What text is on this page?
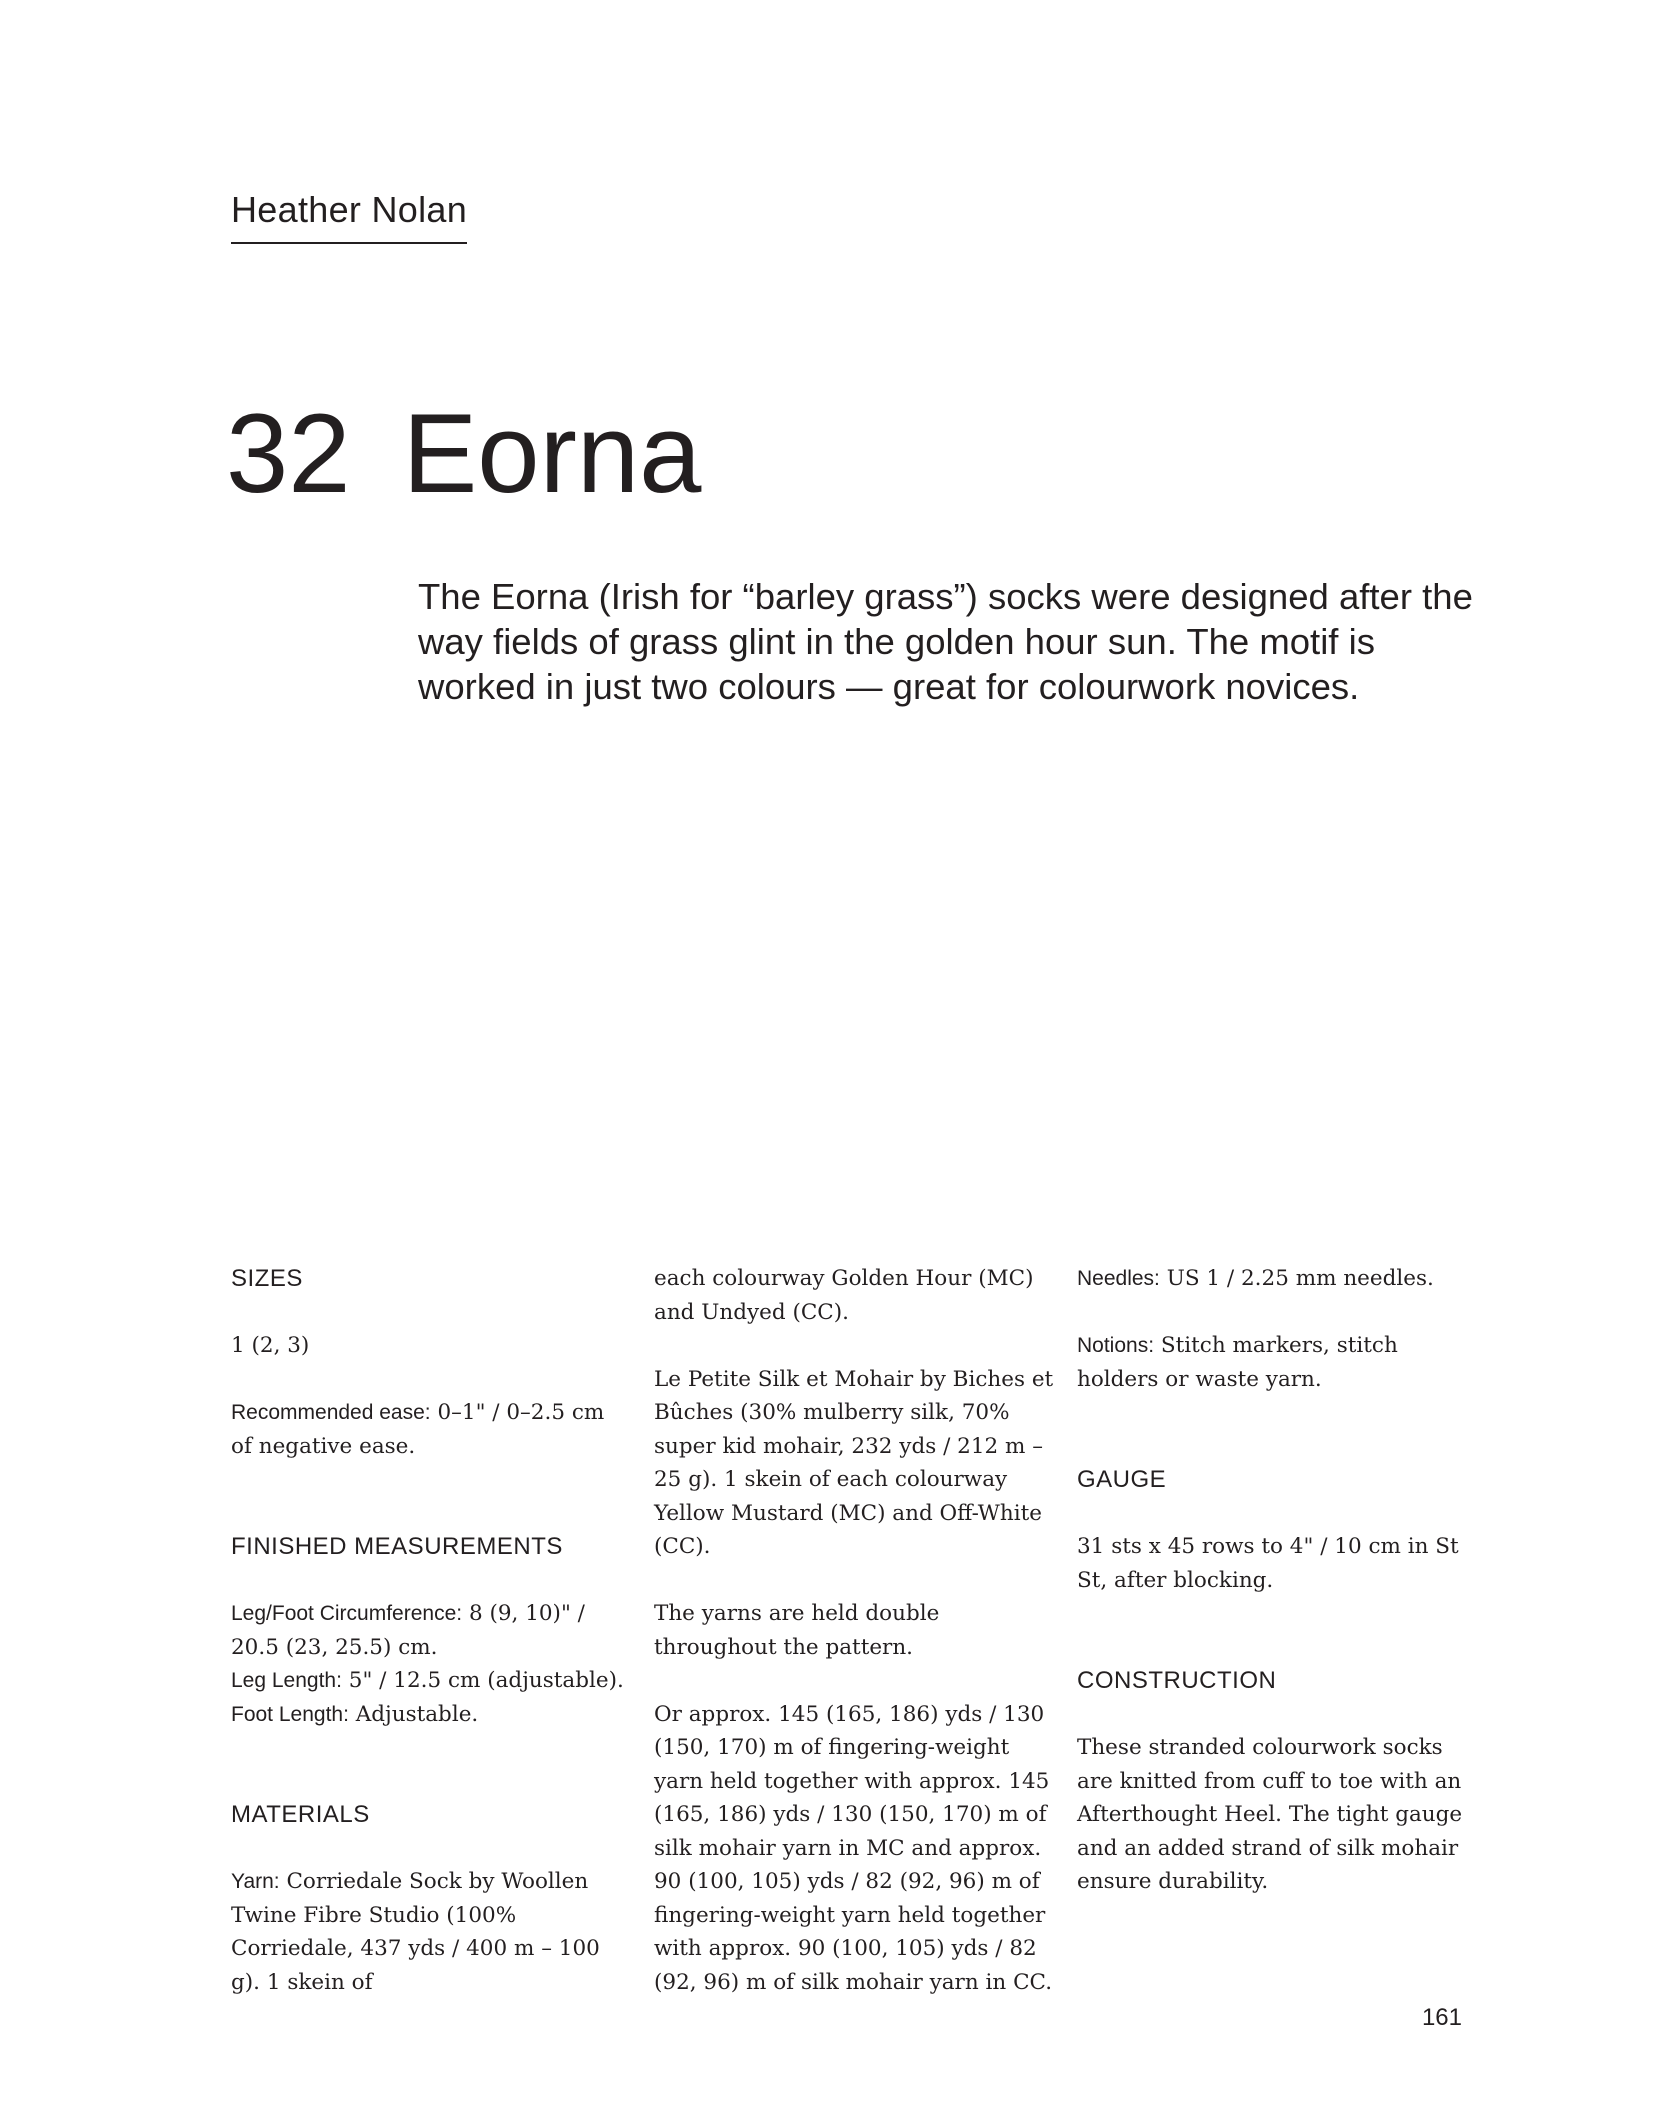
Heather Nolan
32 Eorna

The Eorna (Irish for “barley grass”) socks were designed after the way fields of grass glint in the golden hour sun. The motif is worked in just two colours — great for colourwork novices.

SIZES

1 (2, 3)

Recommended ease: 0–1" / 0–2.5 cm of negative ease.

FINISHED MEASUREMENTS
Leg/Foot Circumference: 8 (9, 10)" / 20.5 (23, 25.5) cm.
Leg Length: 5" / 12.5 cm (adjustable).
Foot Length: Adjustable.
MATERIALS

Yarn: Corriedale Sock by Woollen Twine Fibre Studio (100% Corriedale, 437 yds / 400 m – 100 g). 1 skein of

each colourway Golden Hour (MC) and Undyed (CC).

Le Petite Silk et Mohair by Biches et Bûches (30% mulberry silk, 70% super kid mohair, 232 yds / 212 m – 25 g). 1 skein of each colourway Yellow Mustard (MC) and Off-White (CC).

The yarns are held double throughout the pattern.

Or approx. 145 (165, 186) yds / 130 (150, 170) m of fingering-weight yarn held together with approx. 145 (165, 186) yds / 130 (150, 170) m of silk mohair yarn in MC and approx. 90 (100, 105) yds / 82 (92, 96) m of fingering-weight yarn held together with approx. 90 (100, 105) yds / 82 (92, 96) m of silk mohair yarn in CC.

Needles: US 1 / 2.25 mm needles.

Notions: Stitch markers, stitch holders or waste yarn.

GAUGE

31 sts x 45 rows to 4" / 10 cm in St St, after blocking.

CONSTRUCTION

These stranded colourwork socks are knitted from cuff to toe with an Afterthought Heel. The tight gauge and an added strand of silk mohair ensure durability.

161
